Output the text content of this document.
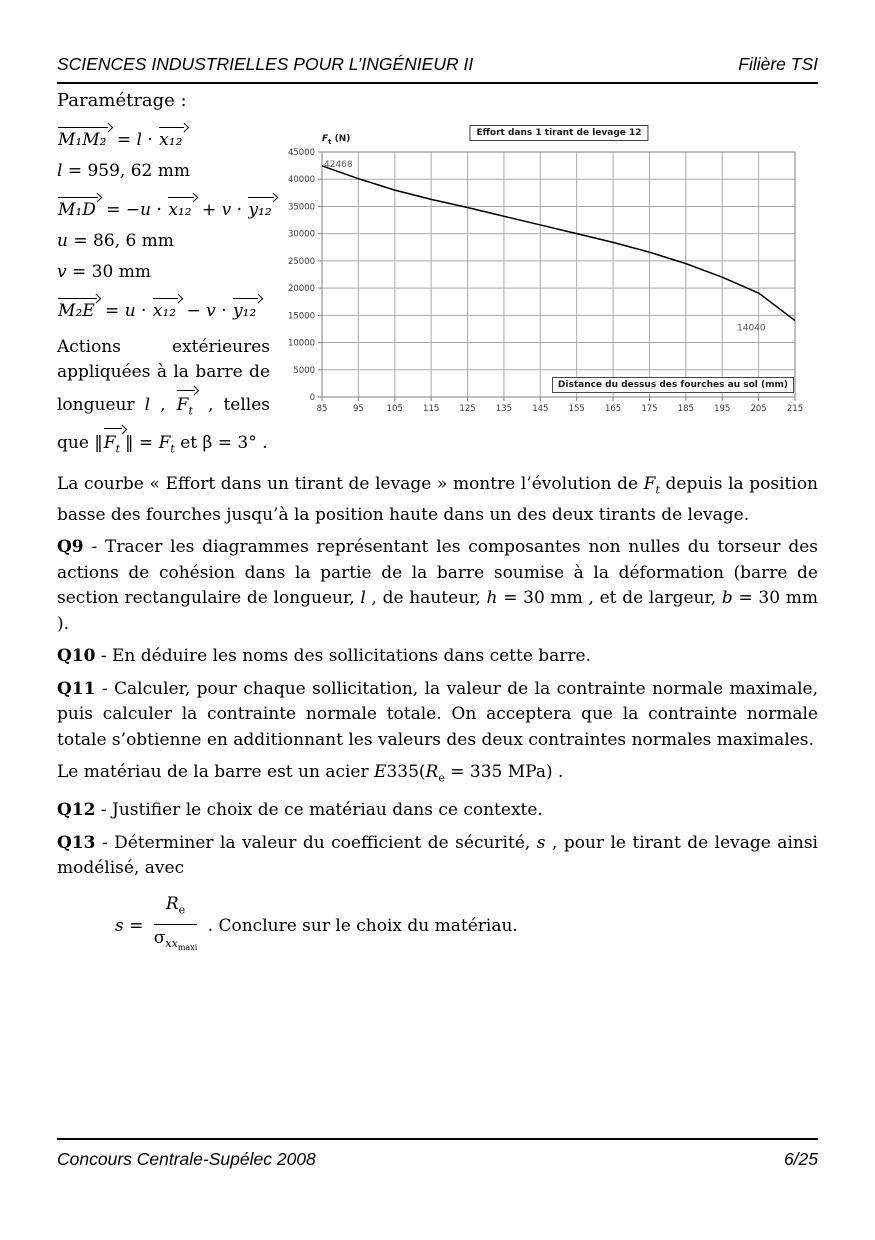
SCIENCES INDUSTRIELLES POUR L’INGÉNIEUR II	Filière TSI
Paramétrage :
M₁M₂ = l · x₁₂
l = 959, 62 mm
M₁D = −u · x₁₂ + v · y₁₂
u = 86, 6 mm
v = 30 mm
M₂E = u · x₁₂ − v · y₁₂
Actions extérieures appliquées à la barre de longueur l , $F_t$ , telles que $‖F_t$ ‖ = $F_t$ et β = 3° .
0
5000
10000
15000
20000
25000
30000
35000
40000
45000
85	95	105 115 125 135 145 155 165 175 185 195 205 215
42468
14040
Effort dans 1 tirant de levage 12
$F_t$ (N)
Distance du dessus des fourches au sol (mm)

La courbe « Effort dans un tirant de levage » montre l’évolution de $F_t$ depuis la position basse des fourches jusqu’à la position haute dans un des deux tirants de levage.

Q9 - Tracer les diagrammes représentant les composantes non nulles du torseur des actions de cohésion dans la partie de la barre soumise à la déformation (barre de section rectangulaire de longueur, l , de hauteur, h = 30 mm , et de largeur, b = 30 mm ).

Q10 - En déduire les noms des sollicitations dans cette barre.

Q11 - Calculer, pour chaque sollicitation, la valeur de la contrainte normale maximale, puis calculer la contrainte normale totale. On acceptera que la contrainte normale totale s’obtienne en additionnant les valeurs des deux contraintes normales maximales.

Le matériau de la barre est un acier $E335(R_e = 335$ MPa) .

Q12 - Justifier le choix de ce matériau dans ce contexte.

Q13 - Déterminer la valeur du coefficient de sécurité, s , pour le tirant de levage ainsi modélisé, avec

$s = \frac{R_e}{\sigma_{xx_{maxi}}}$ . Conclure sur le choix du matériau.
Concours Centrale-Supélec 2008	6/25
